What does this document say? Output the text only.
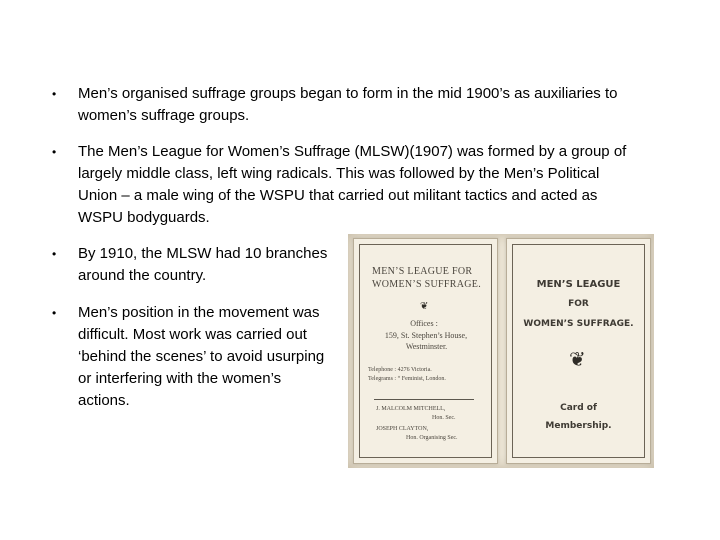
•	Men’s organised suffrage groups began to form in the mid 1900’s as auxiliaries to women’s suffrage groups.
•	The Men’s League for Women’s Suffrage (MLSW)(1907) was formed by a group of largely middle class, left wing radicals. This was followed by the Men’s Political Union – a male wing of the WSPU that carried out militant tactics and acted as WSPU bodyguards.
•	By 1910, the MLSW had 10 branches around the country.
•	Men’s position in the movement was difficult. Most work was carried out ‘behind the scenes’ to avoid usurping or interfering with the women’s actions.
MEN’S LEAGUE FOR WOMEN’S SUFFRAGE.
❦
Offices :
159, St. Stephen’s House,
Westminster.
Telephone : 4276 Victoria.
Telegrams : “ Feminist, London.
J. MALCOLM MITCHELL,
Hon. Sec.
JOSEPH CLAYTON,
Hon. Organising Sec.
MEN’S LEAGUE
FOR
WOMEN’S SUFFRAGE.
❦
Card of
Membership.
